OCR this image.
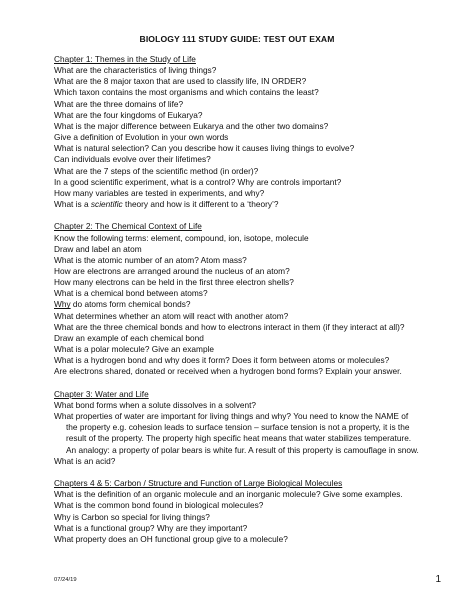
BIOLOGY 111 STUDY GUIDE: TEST OUT EXAM
Chapter 1: Themes in the Study of Life
What are the characteristics of living things?
What are the 8 major taxon that are used to classify life, IN ORDER?
Which taxon contains the most organisms and which contains the least?
What are the three domains of life?
What are the four kingdoms of Eukarya?
What is the major difference between Eukarya and the other two domains?
Give a definition of Evolution in your own words
What is natural selection? Can you describe how it causes living things to evolve?
Can individuals evolve over their lifetimes?
What are the 7 steps of the scientific method (in order)?
In a good scientific experiment, what is a control? Why are controls important?
How many variables are tested in experiments, and why?
What is a scientific theory and how is it different to a ‘theory’?
Chapter 2: The Chemical Context of Life
Know the following terms: element, compound, ion, isotope, molecule
Draw and label an atom
What is the atomic number of an atom? Atom mass?
How are electrons are arranged around the nucleus of an atom?
How many electrons can be held in the first three electron shells?
What is a chemical bond between atoms?
Why do atoms form chemical bonds?
What determines whether an atom will react with another atom?
What are the three chemical bonds and how to electrons interact in them (if they interact at all)?
Draw an example of each chemical bond
What is a polar molecule? Give an example
What is a hydrogen bond and why does it form? Does it form between atoms or molecules?
Are electrons shared, donated or received when a hydrogen bond forms? Explain your answer.
Chapter 3: Water and Life
What bond forms when a solute dissolves in a solvent?
What properties of water are important for living things and why? You need to know the NAME of
the property e.g. cohesion leads to surface tension – surface tension is not a property, it is the
result of the property. The property high specific heat means that water stabilizes temperature.
An analogy: a property of polar bears is white fur. A result of this property is camouflage in snow.
What is an acid?
Chapters 4 & 5: Carbon / Structure and Function of Large Biological Molecules
What is the definition of an organic molecule and an inorganic molecule? Give some examples.
What is the common bond found in biological molecules?
Why is Carbon so special for living things?
What is a functional group? Why are they important?
What property does an OH functional group give to a molecule?
07/24/19	1
